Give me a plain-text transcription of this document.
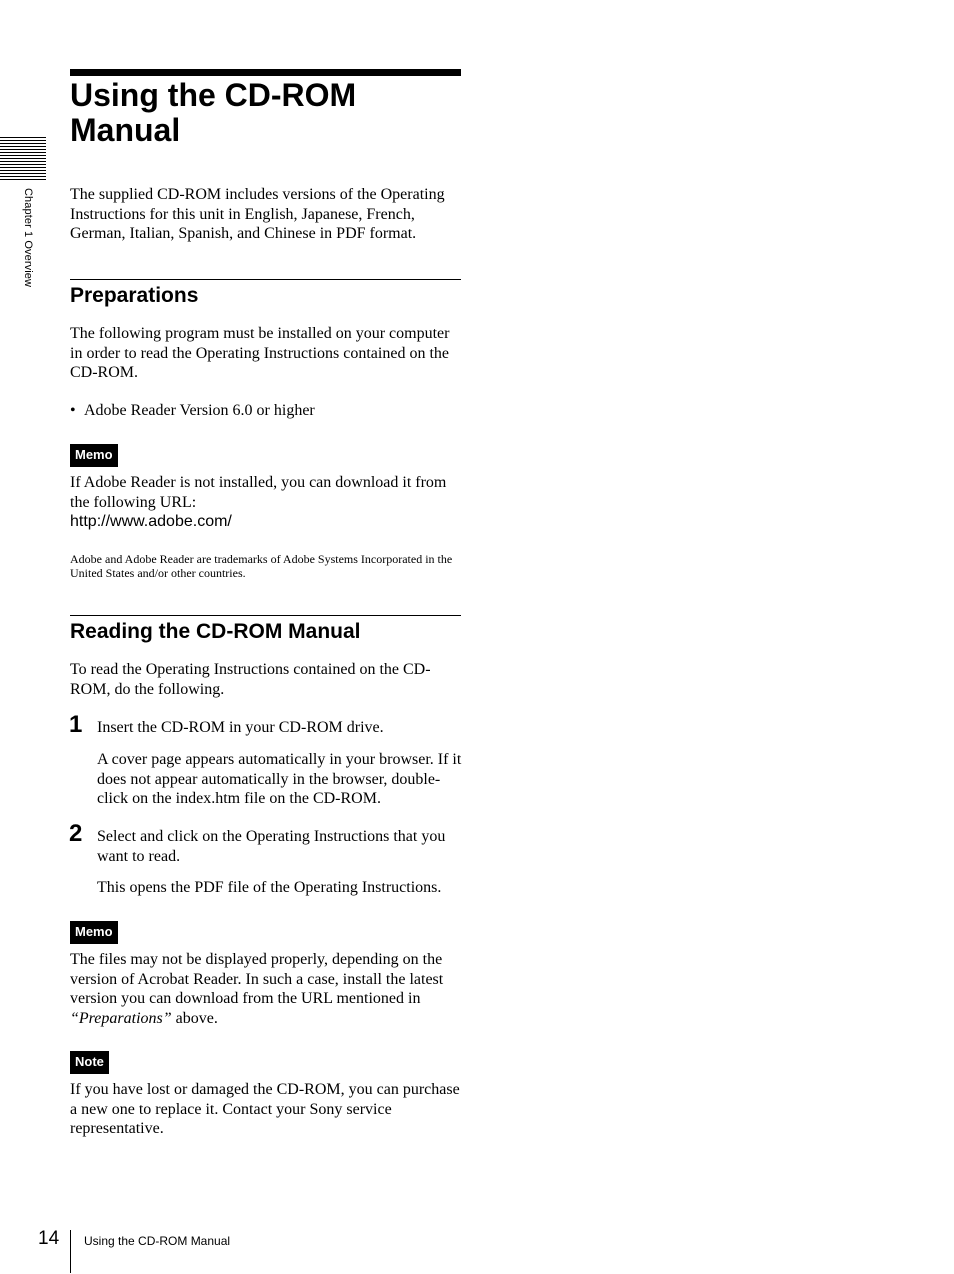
Chapter 1 Overview
Using the CD-ROM
Manual

The supplied CD-ROM includes versions of the Operating Instructions for this unit in English, Japanese, French, German, Italian, Spanish, and Chinese in PDF format.

Preparations

The following program must be installed on your computer in order to read the Operating Instructions contained on the CD-ROM.

• Adobe Reader Version 6.0 or higher
Memo

If Adobe Reader is not installed, you can download it from the following URL:

http://www.adobe.com/

Adobe and Adobe Reader are trademarks of Adobe Systems Incorporated in the United States and/or other countries.

Reading the CD-ROM Manual

To read the Operating Instructions contained on the CD-ROM, do the following.

1 Insert the CD-ROM in your CD-ROM drive.

A cover page appears automatically in your browser. If it does not appear automatically in the browser, double-click on the index.htm file on the CD-ROM.

2 Select and click on the Operating Instructions that you want to read.

This opens the PDF file of the Operating Instructions.

Memo

The files may not be displayed properly, depending on the version of Acrobat Reader. In such a case, install the latest version you can download from the URL mentioned in “Preparations” above.

Note

If you have lost or damaged the CD-ROM, you can purchase a new one to replace it. Contact your Sony service representative.

14 Using the CD-ROM Manual
